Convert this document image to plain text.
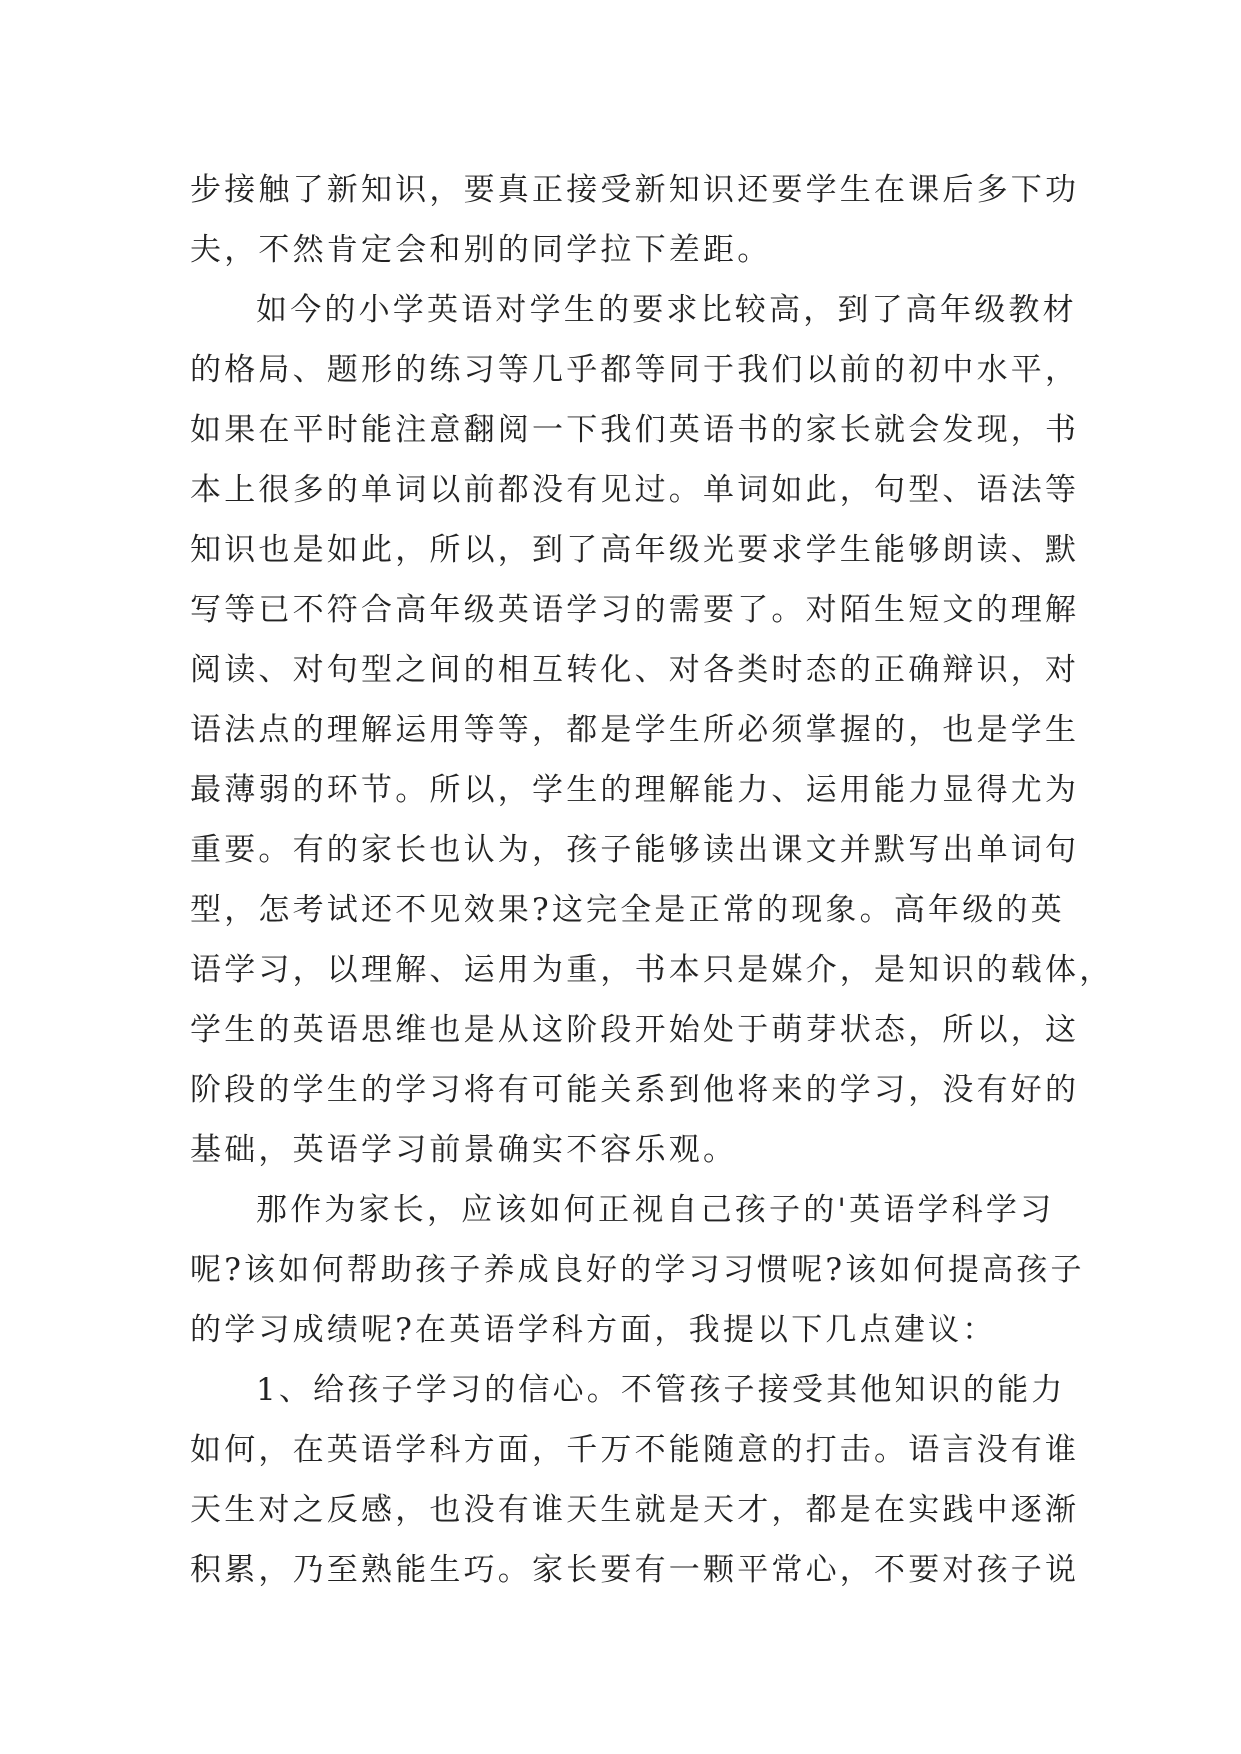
步接触了新知识，要真正接受新知识还要学生在课后多下功
夫，不然肯定会和别的同学拉下差距。
如今的小学英语对学生的要求比较高，到了高年级教材
的格局、题形的练习等几乎都等同于我们以前的初中水平，
如果在平时能注意翻阅一下我们英语书的家长就会发现，书
本上很多的单词以前都没有见过。单词如此，句型、语法等
知识也是如此，所以，到了高年级光要求学生能够朗读、默
写等已不符合高年级英语学习的需要了。对陌生短文的理解
阅读、对句型之间的相互转化、对各类时态的正确辩识，对
语法点的理解运用等等，都是学生所必须掌握的，也是学生
最薄弱的环节。所以，学生的理解能力、运用能力显得尤为
重要。有的家长也认为，孩子能够读出课文并默写出单词句
型，怎考试还不见效果?这完全是正常的现象。高年级的英
语学习，以理解、运用为重，书本只是媒介，是知识的载体，
学生的英语思维也是从这阶段开始处于萌芽状态，所以，这
阶段的学生的学习将有可能关系到他将来的学习，没有好的
基础，英语学习前景确实不容乐观。
那作为家长，应该如何正视自己孩子的'英语学科学习
呢?该如何帮助孩子养成良好的学习习惯呢?该如何提高孩子
的学习成绩呢?在英语学科方面，我提以下几点建议：
1、给孩子学习的信心。不管孩子接受其他知识的能力
如何，在英语学科方面，千万不能随意的打击。语言没有谁
天生对之反感，也没有谁天生就是天才，都是在实践中逐渐
积累，乃至熟能生巧。家长要有一颗平常心，不要对孩子说
